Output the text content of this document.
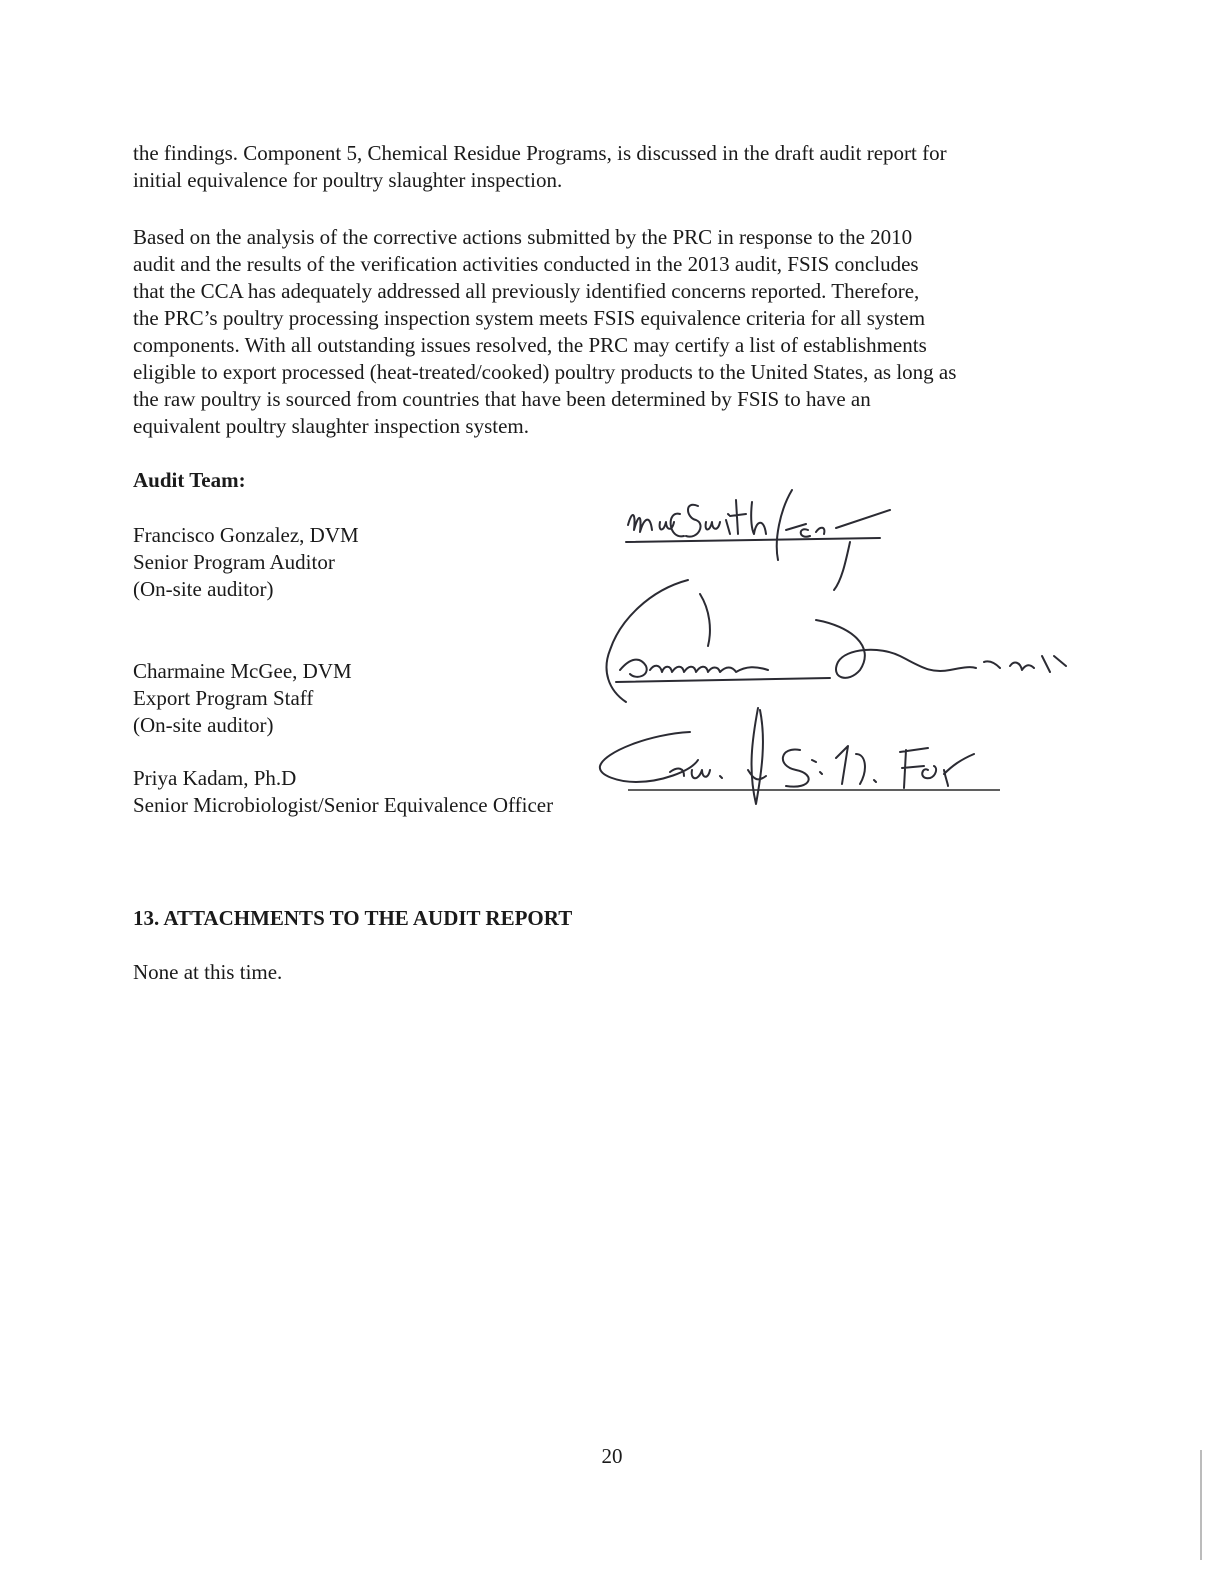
the findings. Component 5, Chemical Residue Programs, is discussed in the draft audit report for
initial equivalence for poultry slaughter inspection.

Based on the analysis of the corrective actions submitted by the PRC in response to the 2010
audit and the results of the verification activities conducted in the 2013 audit, FSIS concludes
that the CCA has adequately addressed all previously identified concerns reported. Therefore,
the PRC’s poultry processing inspection system meets FSIS equivalence criteria for all system
components. With all outstanding issues resolved, the PRC may certify a list of establishments
eligible to export processed (heat-treated/cooked) poultry products to the United States, as long as
the raw poultry is sourced from countries that have been determined by FSIS to have an
equivalent poultry slaughter inspection system.

Audit Team:

Francisco Gonzalez, DVM
Senior Program Auditor
(On-site auditor)
Charmaine McGee, DVM
Export Program Staff
(On-site auditor)
Priya Kadam, Ph.D
Senior Microbiologist/Senior Equivalence Officer

13. ATTACHMENTS TO THE AUDIT REPORT

None at this time.

20
